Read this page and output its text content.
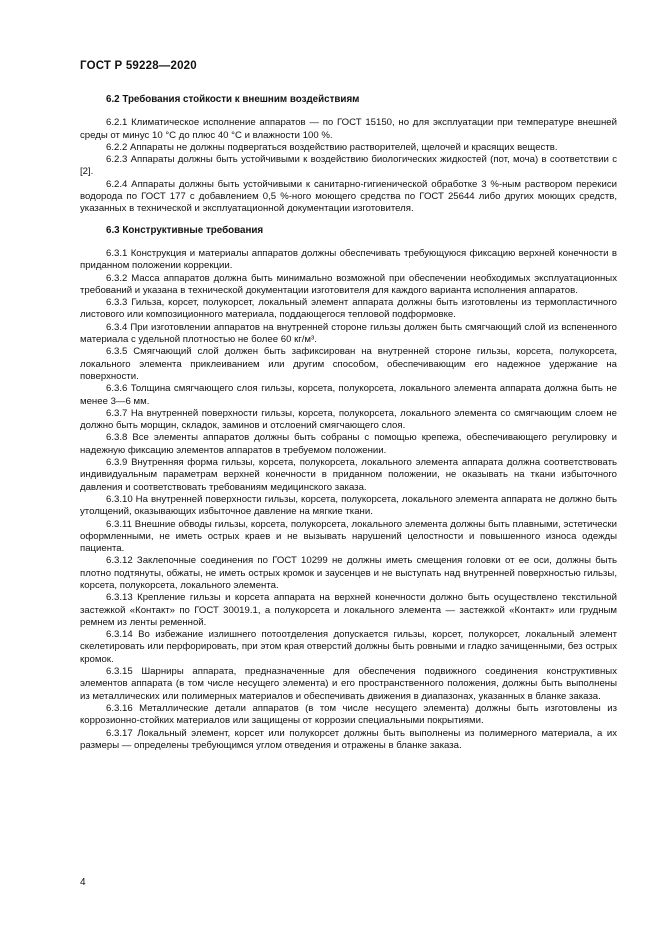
ГОСТ Р 59228—2020
6.2 Требования стойкости к внешним воздействиям

6.2.1 Климатическое исполнение аппаратов — по ГОСТ 15150, но для эксплуатации при температуре внешней среды от минус 10 °С до плюс 40 °С и влажности 100 %.

6.2.2 Аппараты не должны подвергаться воздействию растворителей, щелочей и красящих веществ.

6.2.3 Аппараты должны быть устойчивыми к воздействию биологических жидкостей (пот, моча) в соответствии с [2].

6.2.4 Аппараты должны быть устойчивыми к санитарно-гигиенической обработке 3 %-ным раствором перекиси водорода по ГОСТ 177 с добавлением 0,5 %-ного моющего средства по ГОСТ 25644 либо других моющих средств, указанных в технической и эксплуатационной документации изготовителя.

6.3 Конструктивные требования

6.3.1 Конструкция и материалы аппаратов должны обеспечивать требующуюся фиксацию верхней конечности в приданном положении коррекции.

6.3.2 Масса аппаратов должна быть минимально возможной при обеспечении необходимых эксплуатационных требований и указана в технической документации изготовителя для каждого варианта исполнения аппаратов.

6.3.3 Гильза, корсет, полукорсет, локальный элемент аппарата должны быть изготовлены из термопластичного листового или композиционного материала, поддающегося тепловой подформовке.

6.3.4 При изготовлении аппаратов на внутренней стороне гильзы должен быть смягчающий слой из вспененного материала с удельной плотностью не более 60 кг/м³.

6.3.5 Смягчающий слой должен быть зафиксирован на внутренней стороне гильзы, корсета, полукорсета, локального элемента приклеиванием или другим способом, обеспечивающим его надежное удержание на поверхности.

6.3.6 Толщина смягчающего слоя гильзы, корсета, полукорсета, локального элемента аппарата должна быть не менее 3—6 мм.

6.3.7 На внутренней поверхности гильзы, корсета, полукорсета, локального элемента со смягчающим слоем не должно быть морщин, складок, заминов и отслоений смягчающего слоя.

6.3.8 Все элементы аппаратов должны быть собраны с помощью крепежа, обеспечивающего регулировку и надежную фиксацию элементов аппаратов в требуемом положении.

6.3.9 Внутренняя форма гильзы, корсета, полукорсета, локального элемента аппарата должна соответствовать индивидуальным параметрам верхней конечности в приданном положении, не оказывать на ткани избыточного давления и соответствовать требованиям медицинского заказа.

6.3.10 На внутренней поверхности гильзы, корсета, полукорсета, локального элемента аппарата не должно быть утолщений, оказывающих избыточное давление на мягкие ткани.

6.3.11 Внешние обводы гильзы, корсета, полукорсета, локального элемента должны быть плавными, эстетически оформленными, не иметь острых краев и не вызывать нарушений целостности и повышенного износа одежды пациента.

6.3.12 Заклепочные соединения по ГОСТ 10299 не должны иметь смещения головки от ее оси, должны быть плотно подтянуты, обжаты, не иметь острых кромок и заусенцев и не выступать над внутренней поверхностью гильзы, корсета, полукорсета, локального элемента.

6.3.13 Крепление гильзы и корсета аппарата на верхней конечности должно быть осуществлено текстильной застежкой «Контакт» по ГОСТ 30019.1, а полукорсета и локального элемента — застежкой «Контакт» или грудным ремнем из ленты ременной.

6.3.14 Во избежание излишнего потоотделения допускается гильзы, корсет, полукорсет, локальный элемент скелетировать или перфорировать, при этом края отверстий должны быть ровными и гладко зачищенными, без острых кромок.

6.3.15 Шарниры аппарата, предназначенные для обеспечения подвижного соединения конструктивных элементов аппарата (в том числе несущего элемента) и его пространственного положения, должны быть выполнены из металлических или полимерных материалов и обеспечивать движения в диапазонах, указанных в бланке заказа.

6.3.16 Металлические детали аппаратов (в том числе несущего элемента) должны быть изготовлены из коррозионно-стойких материалов или защищены от коррозии специальными покрытиями.

6.3.17 Локальный элемент, корсет или полукорсет должны быть выполнены из полимерного материала, а их размеры — определены требующимся углом отведения и отражены в бланке заказа.

4
